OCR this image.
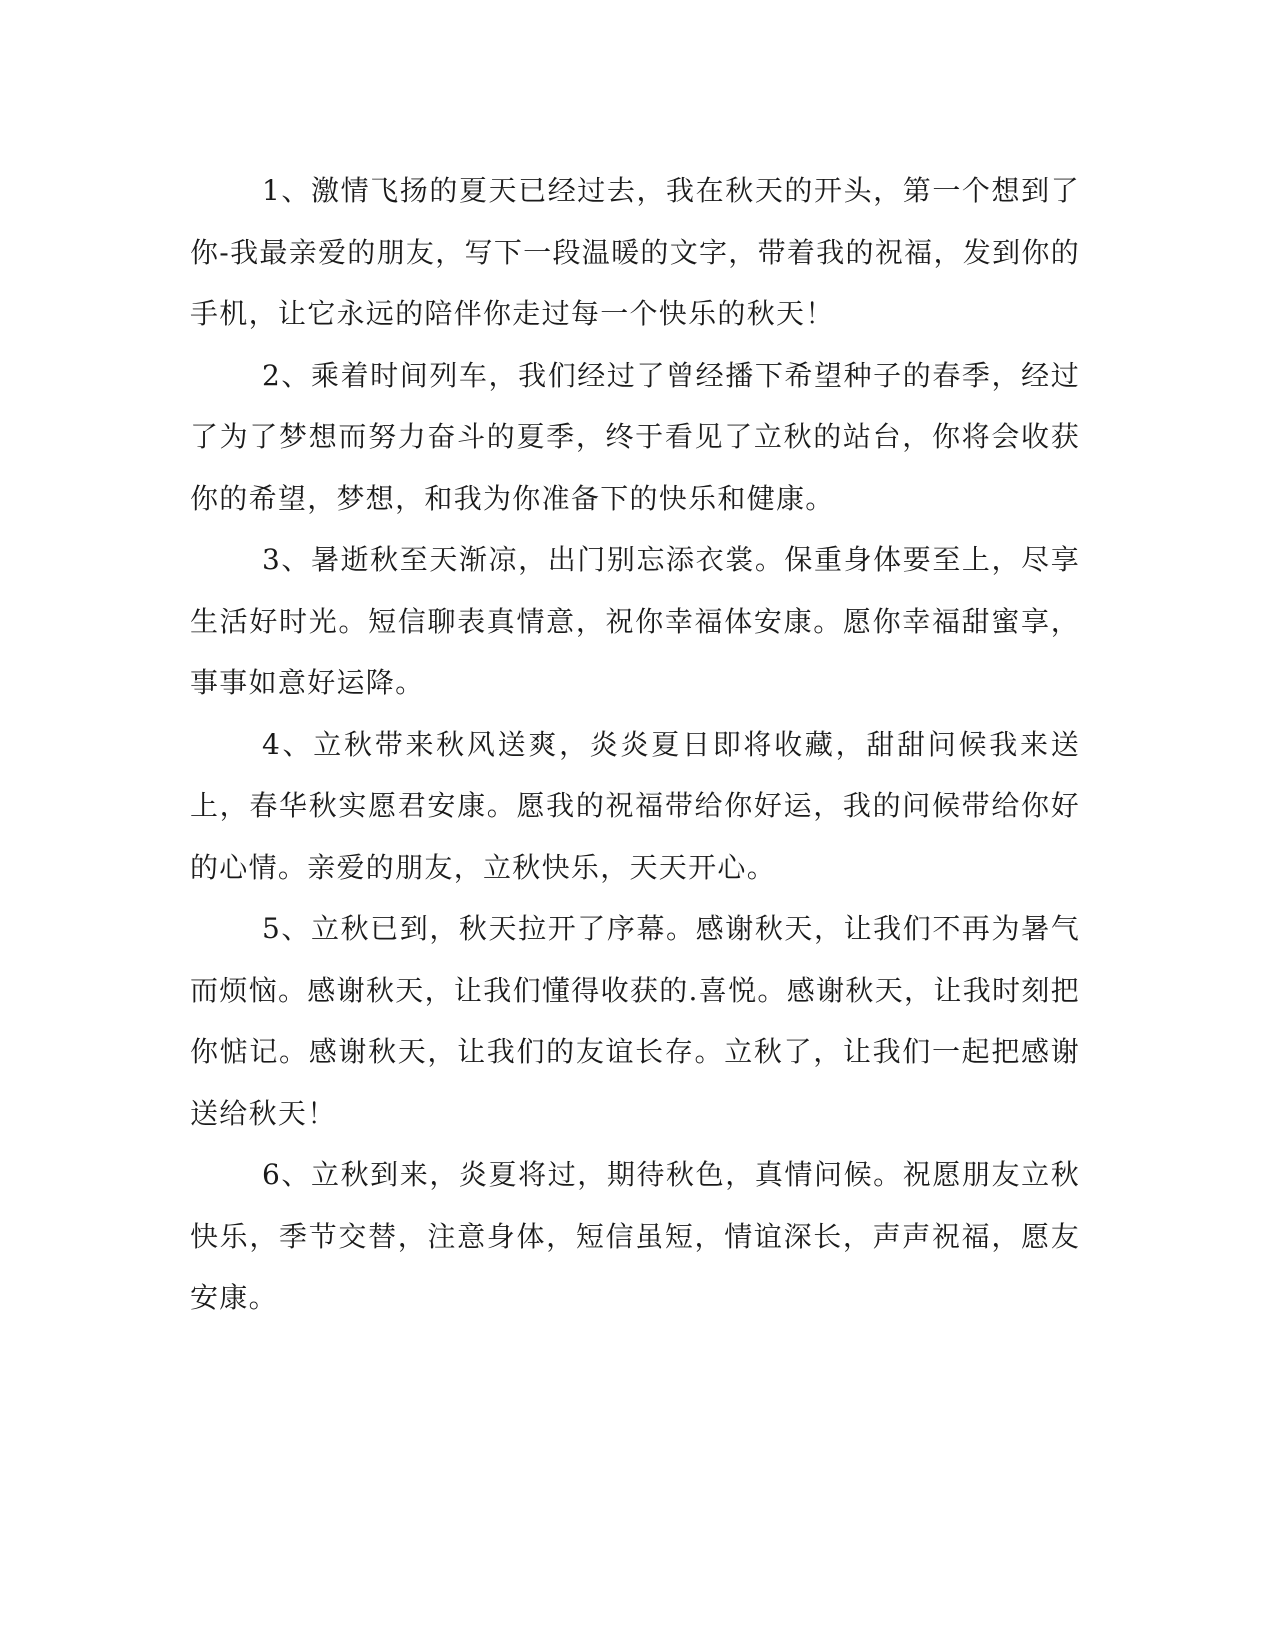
1、激情飞扬的夏天已经过去，我在秋天的开头，第一个想到了你-我最亲爱的朋友，写下一段温暖的文字，带着我的祝福，发到你的手机，让它永远的陪伴你走过每一个快乐的秋天！

2、乘着时间列车，我们经过了曾经播下希望种子的春季，经过了为了梦想而努力奋斗的夏季，终于看见了立秋的站台，你将会收获你的希望，梦想，和我为你准备下的快乐和健康。

3、暑逝秋至天渐凉，出门别忘添衣裳。保重身体要至上，尽享生活好时光。短信聊表真情意，祝你幸福体安康。愿你幸福甜蜜享，事事如意好运降。

4、立秋带来秋风送爽，炎炎夏日即将收藏，甜甜问候我来送上，春华秋实愿君安康。愿我的祝福带给你好运，我的问候带给你好的心情。亲爱的朋友，立秋快乐，天天开心。

5、立秋已到，秋天拉开了序幕。感谢秋天，让我们不再为暑气而烦恼。感谢秋天，让我们懂得收获的.喜悦。感谢秋天，让我时刻把你惦记。感谢秋天，让我们的友谊长存。立秋了，让我们一起把感谢送给秋天！

6、立秋到来，炎夏将过，期待秋色，真情问候。祝愿朋友立秋快乐，季节交替，注意身体，短信虽短，情谊深长，声声祝福，愿友安康。
